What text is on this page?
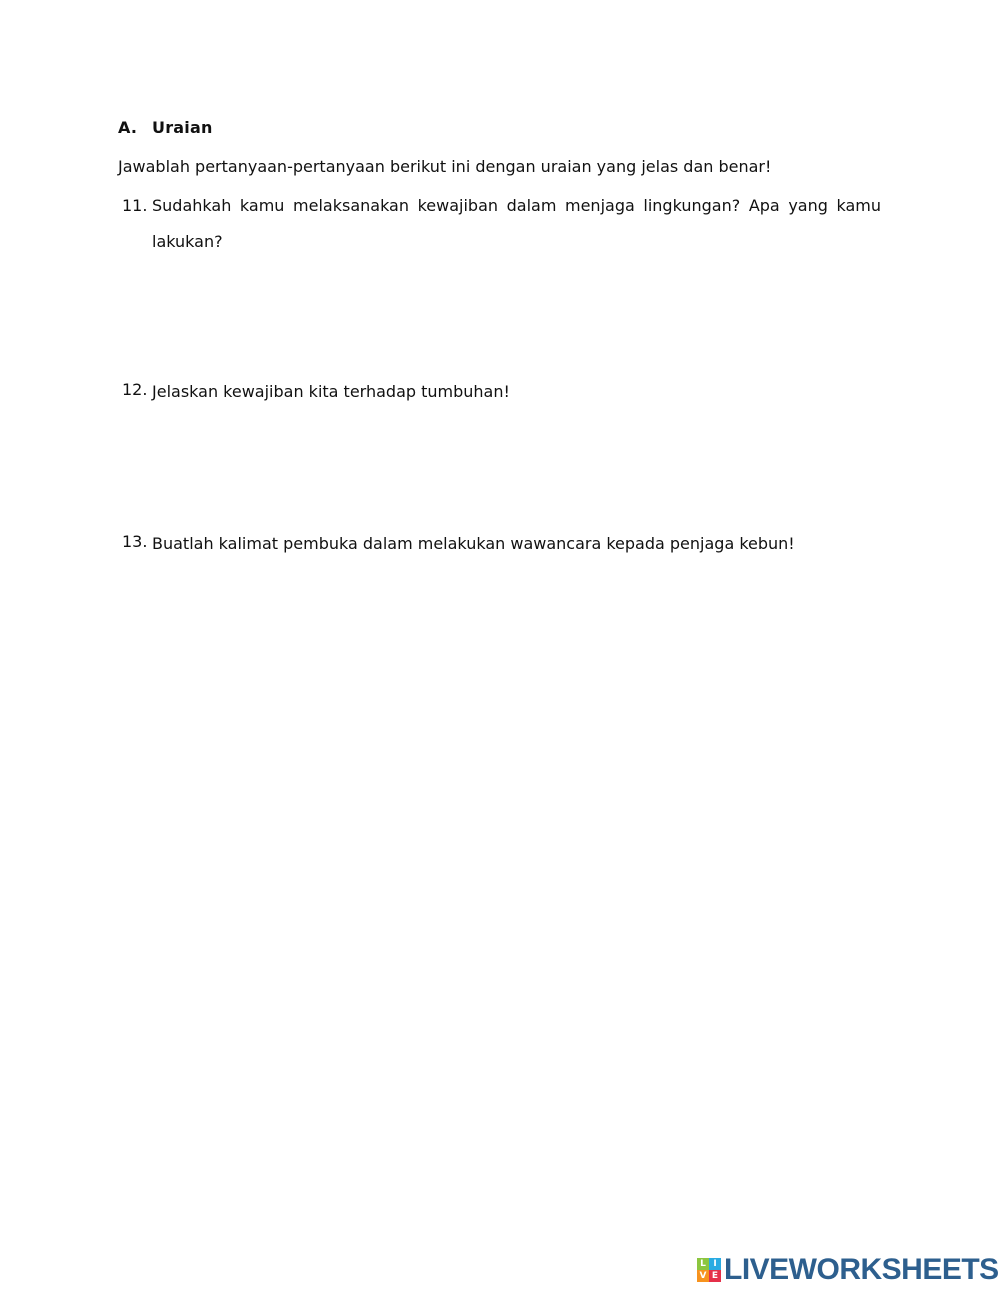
A. Uraian
Jawablah pertanyaan-pertanyaan berikut ini dengan uraian yang jelas dan benar!
11. Sudahkah kamu melaksanakan kewajiban dalam menjaga lingkungan? Apa yang kamu lakukan?
12. Jelaskan kewajiban kita terhadap tumbuhan!
13. Buatlah kalimat pembuka dalam melakukan wawancara kepada penjaga kebun!
L I
V E LIVEWORKSHEETS
